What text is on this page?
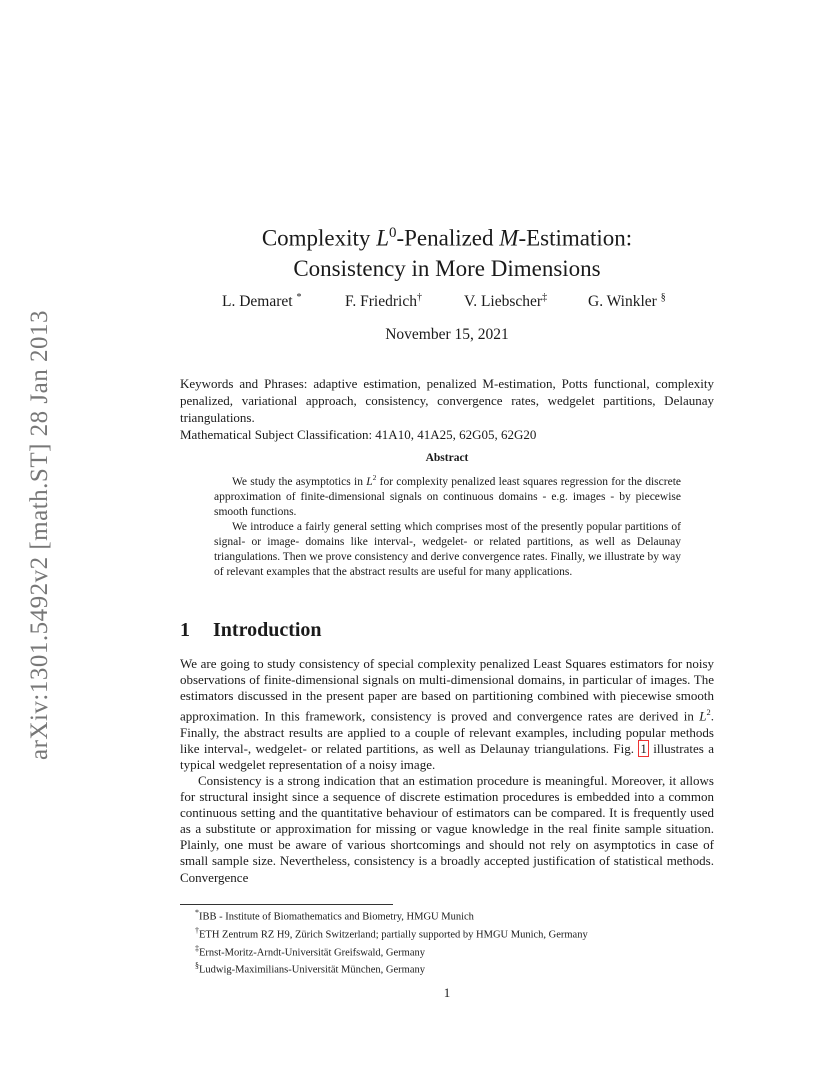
arXiv:1301.5492v2 [math.ST] 28 Jan 2013
Complexity $L^0$-Penalized M-Estimation:
Consistency in More Dimensions
L. Demaret *	F. Friedrich†	V. Liebscher‡	G. Winkler §
November 15, 2021
Keywords and Phrases: adaptive estimation, penalized M-estimation, Potts functional, complexity penalized, variational approach, consistency, convergence rates, wedgelet partitions, Delaunay triangulations.
Mathematical Subject Classification: 41A10, 41A25, 62G05, 62G20
Abstract

We study the asymptotics in $L^2$ for complexity penalized least squares regression for the discrete approximation of finite-dimensional signals on continuous domains - e.g. images - by piecewise smooth functions.

We introduce a fairly general setting which comprises most of the presently popular partitions of signal- or image- domains like interval-, wedgelet- or related partitions, as well as Delaunay triangulations. Then we prove consistency and derive convergence rates. Finally, we illustrate by way of relevant examples that the abstract results are useful for many applications.

1 Introduction

We are going to study consistency of special complexity penalized Least Squares estimators for noisy observations of finite-dimensional signals on multi-dimensional domains, in particular of images. The estimators discussed in the present paper are based on partitioning combined with piecewise smooth approximation. In this framework, consistency is proved and convergence rates are derived in $L^2$. Finally, the abstract results are applied to a couple of relevant examples, including popular methods like interval-, wedgelet- or related partitions, as well as Delaunay triangulations. Fig. 1 illustrates a typical wedgelet representation of a noisy image.

Consistency is a strong indication that an estimation procedure is meaningful. Moreover, it allows for structural insight since a sequence of discrete estimation procedures is embedded into a common continuous setting and the quantitative behaviour of estimators can be compared. It is frequently used as a substitute or approximation for missing or vague knowledge in the real finite sample situation. Plainly, one must be aware of various shortcomings and should not rely on asymptotics in case of small sample size. Nevertheless, consistency is a broadly accepted justification of statistical methods. Convergence

*IBB - Institute of Biomathematics and Biometry, HMGU Munich
†ETH Zentrum RZ H9, Zürich Switzerland; partially supported by HMGU Munich, Germany
‡Ernst-Moritz-Arndt-Universität Greifswald, Germany
§Ludwig-Maximilians-Universität München, Germany
1
